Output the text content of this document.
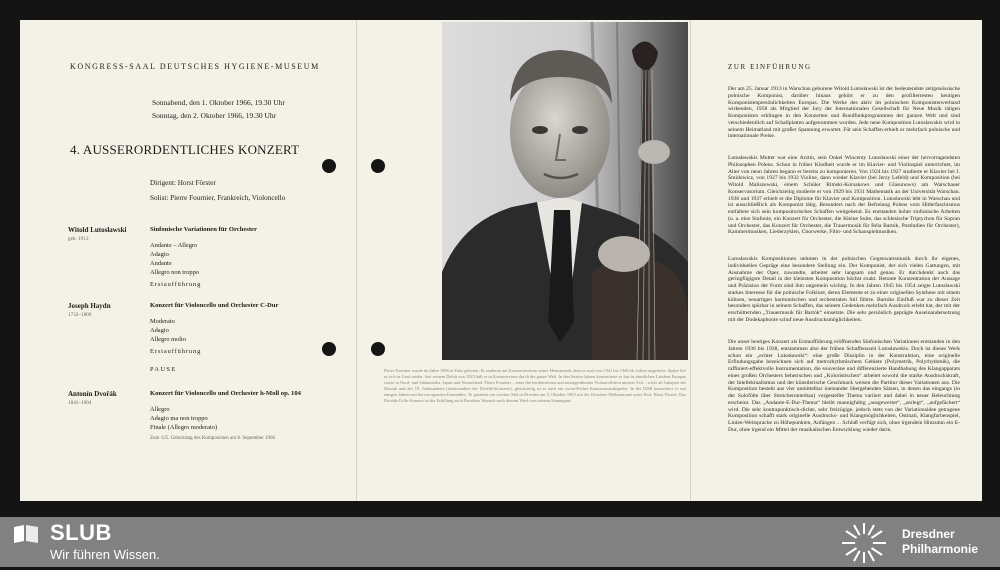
KONGRESS-SAAL DEUTSCHES HYGIENE-MUSEUM
Sonnabend, den 1. Oktober 1966, 19.30 Uhr
Sonntag, den 2. Oktober 1966, 19.30 Uhr
4. AUSSERORDENTLICHES KONZERT
Dirigent: Horst Förster
Solist: Pierre Fournier, Frankreich, Violoncello
Witold Lutosławski
geb. 1913
Sinfonische Variationen für Orchester
Andante – Allegro
Adagio
Andante
Allegro non troppo
Erstaufführung
Joseph Haydn
1732–1809
Konzert für Violoncello und Orchester C-Dur
Moderato
Adagio
Allegro molto
Erstaufführung
PAUSE
Antonín Dvořák
1841–1904
Konzert für Violoncello und Orchester h-Moll op. 104
Allegro
Adagio ma non troppo
Finale (Allegro moderato)
Zum 125. Geburtstag des Komponisten am 8. September 1966
Pierre Fournier wurde im Jahre 1906 in Paris geboren. Er studierte am Konservatorium seiner Heimatstadt, dem er auch von 1941 bis 1949 als Lehrer angehörte. Später lief er sich in Genf nieder. Seit seinem Debüt von 1925 hält er in Konzertreisen durch die ganze Welt. In den letzten Jahren konzertierte er fast in sämtlichen Ländern Europas sowie in Nord- und Südamerika, Japan und Neuseeland. Pierre Fournier – einer der berühmtesten und meistgerühmten Violoncellisten unserer Zeit – wirkt als Interpret der Klassik und des 19. Jahrhunderts (insbesondere der Dvořák-Konzerte), gleichzeitig ist er auch ein vortrefflicher Kammermusikspieler. In der DDR konzertiert er seit einigen Jahren mit hervorragenden Ensembles. Er gastierte ein zweites Mal in Dresden am 5. Oktober 1963 mit der Dresdner Philharmonie unter Prof. Horst Förster. Das Dvořák-Cello-Konzert ist die Erfüllung auch Dresdens Wunsch nach diesem Werk von seinem Stammgast.
ZUR EINFÜHRUNG
Der am 25. Januar 1913 in Warschau geborene Witold Lutosławski ist der bedeutendste zeitgenössische polnische Komponist, darüber hinaus gehört er zu den profiliertesten heutigen Komponistenpersönlichkeiten Europas. Die Werke des aktiv im polnischen Komponistenverband wirkenden, 1958 als Mitglied der Jury der Internationalen Gesellschaft für Neue Musik tätigen Komponisten erklingen in den Konzerten und Rundfunkprogrammen der ganzen Welt und sind verschiedentlich auf Schallplatten aufgenommen worden. Jede neue Komposition Lutosławskis wird in seinem Heimatland mit großer Spannung erwartet. Für sein Schaffen erhielt er mehrfach polnische und internationale Preise.
Lutosławskis Mutter war eine Ärztin, sein Onkel Wincenty Lutosławski einer der hervorragendsten Philosophen Polens. Schon in früher Kindheit wurde er im Klavier- und Violinspiel unterrichtet, im Alter von neun Jahren begann er bereits zu komponieren. Von 1924 bis 1927 studierte er Klavier bei J. Śmidowicz, von 1927 bis 1932 Violine, dann wieder Klavier (bei Jerzy Lefeld) und Komposition (bei Witold Maliszewski, einem Schüler Rimski-Korsakows und Glasunows) am Warschauer Konservatorium. Gleichzeitig studierte er von 1929 bis 1931 Mathematik an der Universität Warschau. 1936 und 1937 erhielt er die Diplome für Klavier und Komposition. Lutosławski lebt in Warschau und ist ausschließlich als Komponist tätig. Besonders nach der Befreiung Polens vom Hitlerfaschismus entfaltete sich sein kompositorisches Schaffen weitgehend. Es entstanden hoher sinfonische Arbeiten (u. a. eine Sinfonie, ein Konzert für Orchester, die Kleine Suite, das schlesische Triptychon für Sopran und Orchester, das Konzert für Orchester, die Trauermusik für Béla Bartók, Postludien für Orchester), Kammermusiken, Liederzyklen, Chorwerke, Film- und Schauspielmusiken.
Lutosławskis Kompositionen nehmen in der polnischen Gegenwartsmusik durch ihr eigenes, individuelles Gepräge eine besondere Stellung ein. Der Komponist, der sich vielen Gattungen, mit Ausnahme der Oper, zuwandte, arbeitet sehr langsam und genau. Er durchdenkt auch das geringfügigste Detail in der kleinsten Komposition höchst exakt. Betonte Konzentration der Aussage und Präzision der Form sind ihm ungemein wichtig. In den Jahren 1945 bis 1954 zeigte Lutosławski starkes Interesse für die polnische Folklore, deren Elemente er zu einer originellen Synthese mit einem kühnen, neuartigen harmonischen und orchestralen Stil führte. Bartóks Einfluß war zu dieser Zeit besonders spürbar in seinem Schaffen, das seinem Gedenken mehrfach Ausdruck erlebt hat, der mit der erschütternden „Trauermusik für Bartók“ einsetzte. Die sehr persönlich geprägte Auseinandersetzung mit der Dodekaphonie schuf neue Ausdrucksmöglichkeiten.
Die unser heutiges Konzert als Erstaufführung eröffnenden Sinfonischen Variationen entstanden in den Jahren 1936 bis 1938, entstammen also der frühen Schaffenszeit Lutosławskis. Doch ist dieses Werk schon ein „echter Lutosławski“: eine große Disziplin in der Konstruktion, eine originelle Erfindungsgabe bezeichnen sich auf metrorhythmischem Gebiete (Polymetrik, Polyrhythmik), die raffiniert-effektvolle Instrumentation, die souveräne und differenzierte Handhabung des Klangapparats eines großen Orchesters beherrschen und „Koloristischen“ arbeitet sowohl die starke Ausdruckskraft, der Intellektualismus und der künstlerische Geschmack weisen die Partitur dieser Variationen aus. Die Komposition besteht aus vier unmittelbar ineinander übergehenden Sätzen, in denen das eingangs (in der Solofölte über Streicherunterbau) vorgestellte Thema variiert und dabei in neuer Beleuchtung erscheint. Das „Andante-E-Dur-Thema“ bleibt mannigfaltig „ausgewertet“, „zerlegt“, „aufgefächert“ wird. Die sehr kontrapunktisch-dichte, sehr freizügige, jedoch stets von der Variationsidee getragene Komposition schafft stark originelle Ausdrucks- und Klangmöglichkeiten, Ostinati, Klangfarbenspiel, Linien-Weitsprache zu Höhepunkten, Anfängen ... Schluß verfügt sich, ohne irgendein Hinzutun ein E-Dur, ohne irgend ein Mittel der musikalischen Entwicklung wieder darin.
SLUB
Wir führen Wissen.
Dresdner
Philharmonie
